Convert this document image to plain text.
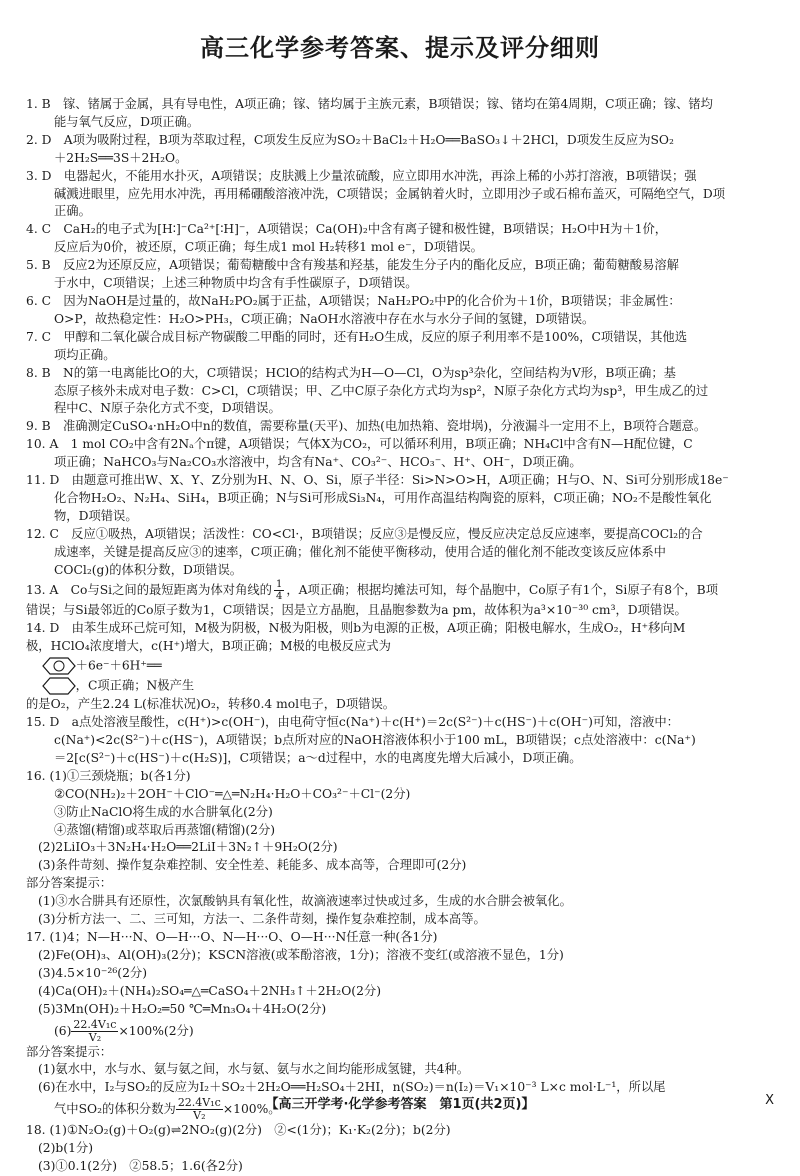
高三化学参考答案、提示及评分细则

1. B　镓、锗属于金属，具有导电性，A项正确；镓、锗均属于主族元素，B项错误；镓、锗均在第4周期，C项正确；镓、锗均

能与氧气反应，D项正确。

2. D　A项为吸附过程，B项为萃取过程，C项发生反应为SO₂＋BaCl₂＋H₂O══BaSO₃↓＋2HCl，D项发生反应为SO₂

＋2H₂S══3S＋2H₂O。

3. D　电器起火，不能用水扑灭，A项错误；皮肤溅上少量浓硫酸，应立即用水冲洗，再涂上稀的小苏打溶液，B项错误；强

碱溅进眼里，应先用水冲洗，再用稀硼酸溶液冲洗，C项错误；金属钠着火时，立即用沙子或石棉布盖灭，可隔绝空气，D项

正确。

4. C　CaH₂的电子式为[H∶]⁻Ca²⁺[∶H]⁻，A项错误；Ca(OH)₂中含有离子键和极性键，B项错误；H₂O中H为＋1价，

反应后为0价，被还原，C项正确；每生成1 mol H₂转移1 mol e⁻，D项错误。

5. B　反应2为还原反应，A项错误；葡萄糖酸中含有羧基和羟基，能发生分子内的酯化反应，B项正确；葡萄糖酸易溶解

于水中，C项错误；上述三种物质中均含有手性碳原子，D项错误。

6. C　因为NaOH是过量的，故NaH₂PO₂属于正盐，A项错误；NaH₂PO₂中P的化合价为＋1价，B项错误；非金属性：

O>P，故热稳定性：H₂O>PH₃，C项正确；NaOH水溶液中存在水与水分子间的氢键，D项错误。

7. C　甲醇和二氧化碳合成目标产物碳酸二甲酯的同时，还有H₂O生成，反应的原子利用率不是100%，C项错误，其他选

项均正确。

8. B　N的第一电离能比O的大，C项错误；HClO的结构式为H—O—Cl，O为sp³杂化，空间结构为V形，B项正确；基

态原子核外未成对电子数：C>Cl，C项错误；甲、乙中C原子杂化方式均为sp²，N原子杂化方式均为sp³，甲生成乙的过

程中C、N原子杂化方式不变，D项错误。

9. B　准确测定CuSO₄·nH₂O中n的数值，需要称量(天平)、加热(电加热箱、瓷坩埚)，分液漏斗一定用不上，B项符合题意。

10. A　1 mol CO₂中含有2Nₐ个π键，A项错误；气体X为CO₂，可以循环利用，B项正确；NH₄Cl中含有N—H配位键，C

项正确；NaHCO₃与Na₂CO₃水溶液中，均含有Na⁺、CO₃²⁻、HCO₃⁻、H⁺、OH⁻，D项正确。

11. D　由题意可推出W、X、Y、Z分别为H、N、O、Si，原子半径：Si>N>O>H，A项正确；H与O、N、Si可分别形成18e⁻

化合物H₂O₂、N₂H₄、SiH₄，B项正确；N与Si可形成Si₃N₄，可用作高温结构陶瓷的原料，C项正确；NO₂不是酸性氧化

物，D项错误。

12. C　反应①吸热，A项错误；活泼性：CO<Cl·，B项错误；反应③是慢反应，慢反应决定总反应速率，要提高COCl₂的合

成速率，关键是提高反应③的速率，C项正确；催化剂不能使平衡移动，使用合适的催化剂不能改变该反应体系中

COCl₂(g)的体积分数，D项错误。

13. A　Co与Si之间的最短距离为体对角线的 $\frac{1}{4}$ ，A项正确；根据均摊法可知，每个晶胞中，Co原子有1个，Si原子有8个，B项

错误；与Si最邻近的Co原子数为1，C项错误；因是立方晶胞，且晶胞参数为a pm，故体积为a³×10⁻³⁰ cm³，D项错误。

14. D　由苯生成环己烷可知，M极为阴极，N极为阳极，则b为电源的正极，A项正确；阳极电解水，生成O₂，H⁺移向M

极，HClO₄浓度增大，c(H⁺)增大，B项正确；M极的电极反应式为
＋6e⁻＋6H⁺══
，C项正确；N极产生

的是O₂，产生2.24 L(标准状况)O₂，转移0.4 mol电子，D项错误。

15. D　a点处溶液呈酸性，c(H⁺)>c(OH⁻)，由电荷守恒c(Na⁺)＋c(H⁺)＝2c(S²⁻)＋c(HS⁻)＋c(OH⁻)可知，溶液中：

c(Na⁺)<2c(S²⁻)＋c(HS⁻)，A项错误；b点所对应的NaOH溶液体积小于100 mL，B项错误；c点处溶液中：c(Na⁺)

＝2[c(S²⁻)＋c(HS⁻)＋c(H₂S)]，C项错误；a～d过程中，水的电离度先增大后减小，D项正确。

16. (1)①三颈烧瓶；b(各1分)

②CO(NH₂)₂＋2OH⁻＋ClO⁻═△═N₂H₄·H₂O＋CO₃²⁻＋Cl⁻(2分)

③防止NaClO将生成的水合肼氧化(2分)

④蒸馏(精馏)或萃取后再蒸馏(精馏)(2分)

(2)2LiIO₃＋3N₂H₄·H₂O══2LiI＋3N₂↑＋9H₂O(2分)

(3)条件苛刻、操作复杂难控制、安全性差、耗能多、成本高等，合理即可(2分)

部分答案提示：

(1)③水合肼具有还原性，次氯酸钠具有氧化性，故滴液速率过快或过多，生成的水合肼会被氧化。

(3)分析方法一、二、三可知，方法一、二条件苛刻，操作复杂难控制，成本高等。

17. (1)4；N—H···N、O—H···O、N—H···O、O—H···N任意一种(各1分)

(2)Fe(OH)₃、Al(OH)₃(2分)；KSCN溶液(或苯酚溶液，1分)；溶液不变红(或溶液不显色，1分)

(3)4.5×10⁻²⁶(2分)

(4)Ca(OH)₂＋(NH₄)₂SO₄═△═CaSO₄＋2NH₃↑＋2H₂O(2分)

(5)3Mn(OH)₂＋H₂O₂═50 ℃═Mn₃O₄＋4H₂O(2分)

$(6) \frac{\text{22.4V₁c}}{\text{V₂}} \times 100\%(2$分)

部分答案提示：

(1)氨水中，水与水、氨与氨之间，水与氨、氨与水之间均能形成氢键，共4种。

(6)在水中，I₂与SO₂的反应为I₂＋SO₂＋2H₂O══H₂SO₄＋2HI，n(SO₂)＝n(I₂)＝V₁×10⁻³ L×c mol·L⁻¹，所以尾

气中SO₂的体积分数为 $\frac{\text{22.4V₁c}}{\text{V₂}} \times 100\%$。

18. (1)①N₂O₂(g)＋O₂(g)⇌2NO₂(g)(2分)　②<(1分)；K₁·K₂(2分)；b(2分)

(2)b(1分)

(3)①0.1(2分)　②58.5；1.6(各2分)

【高三开学考·化学参考答案　第1页(共2页)】	X
